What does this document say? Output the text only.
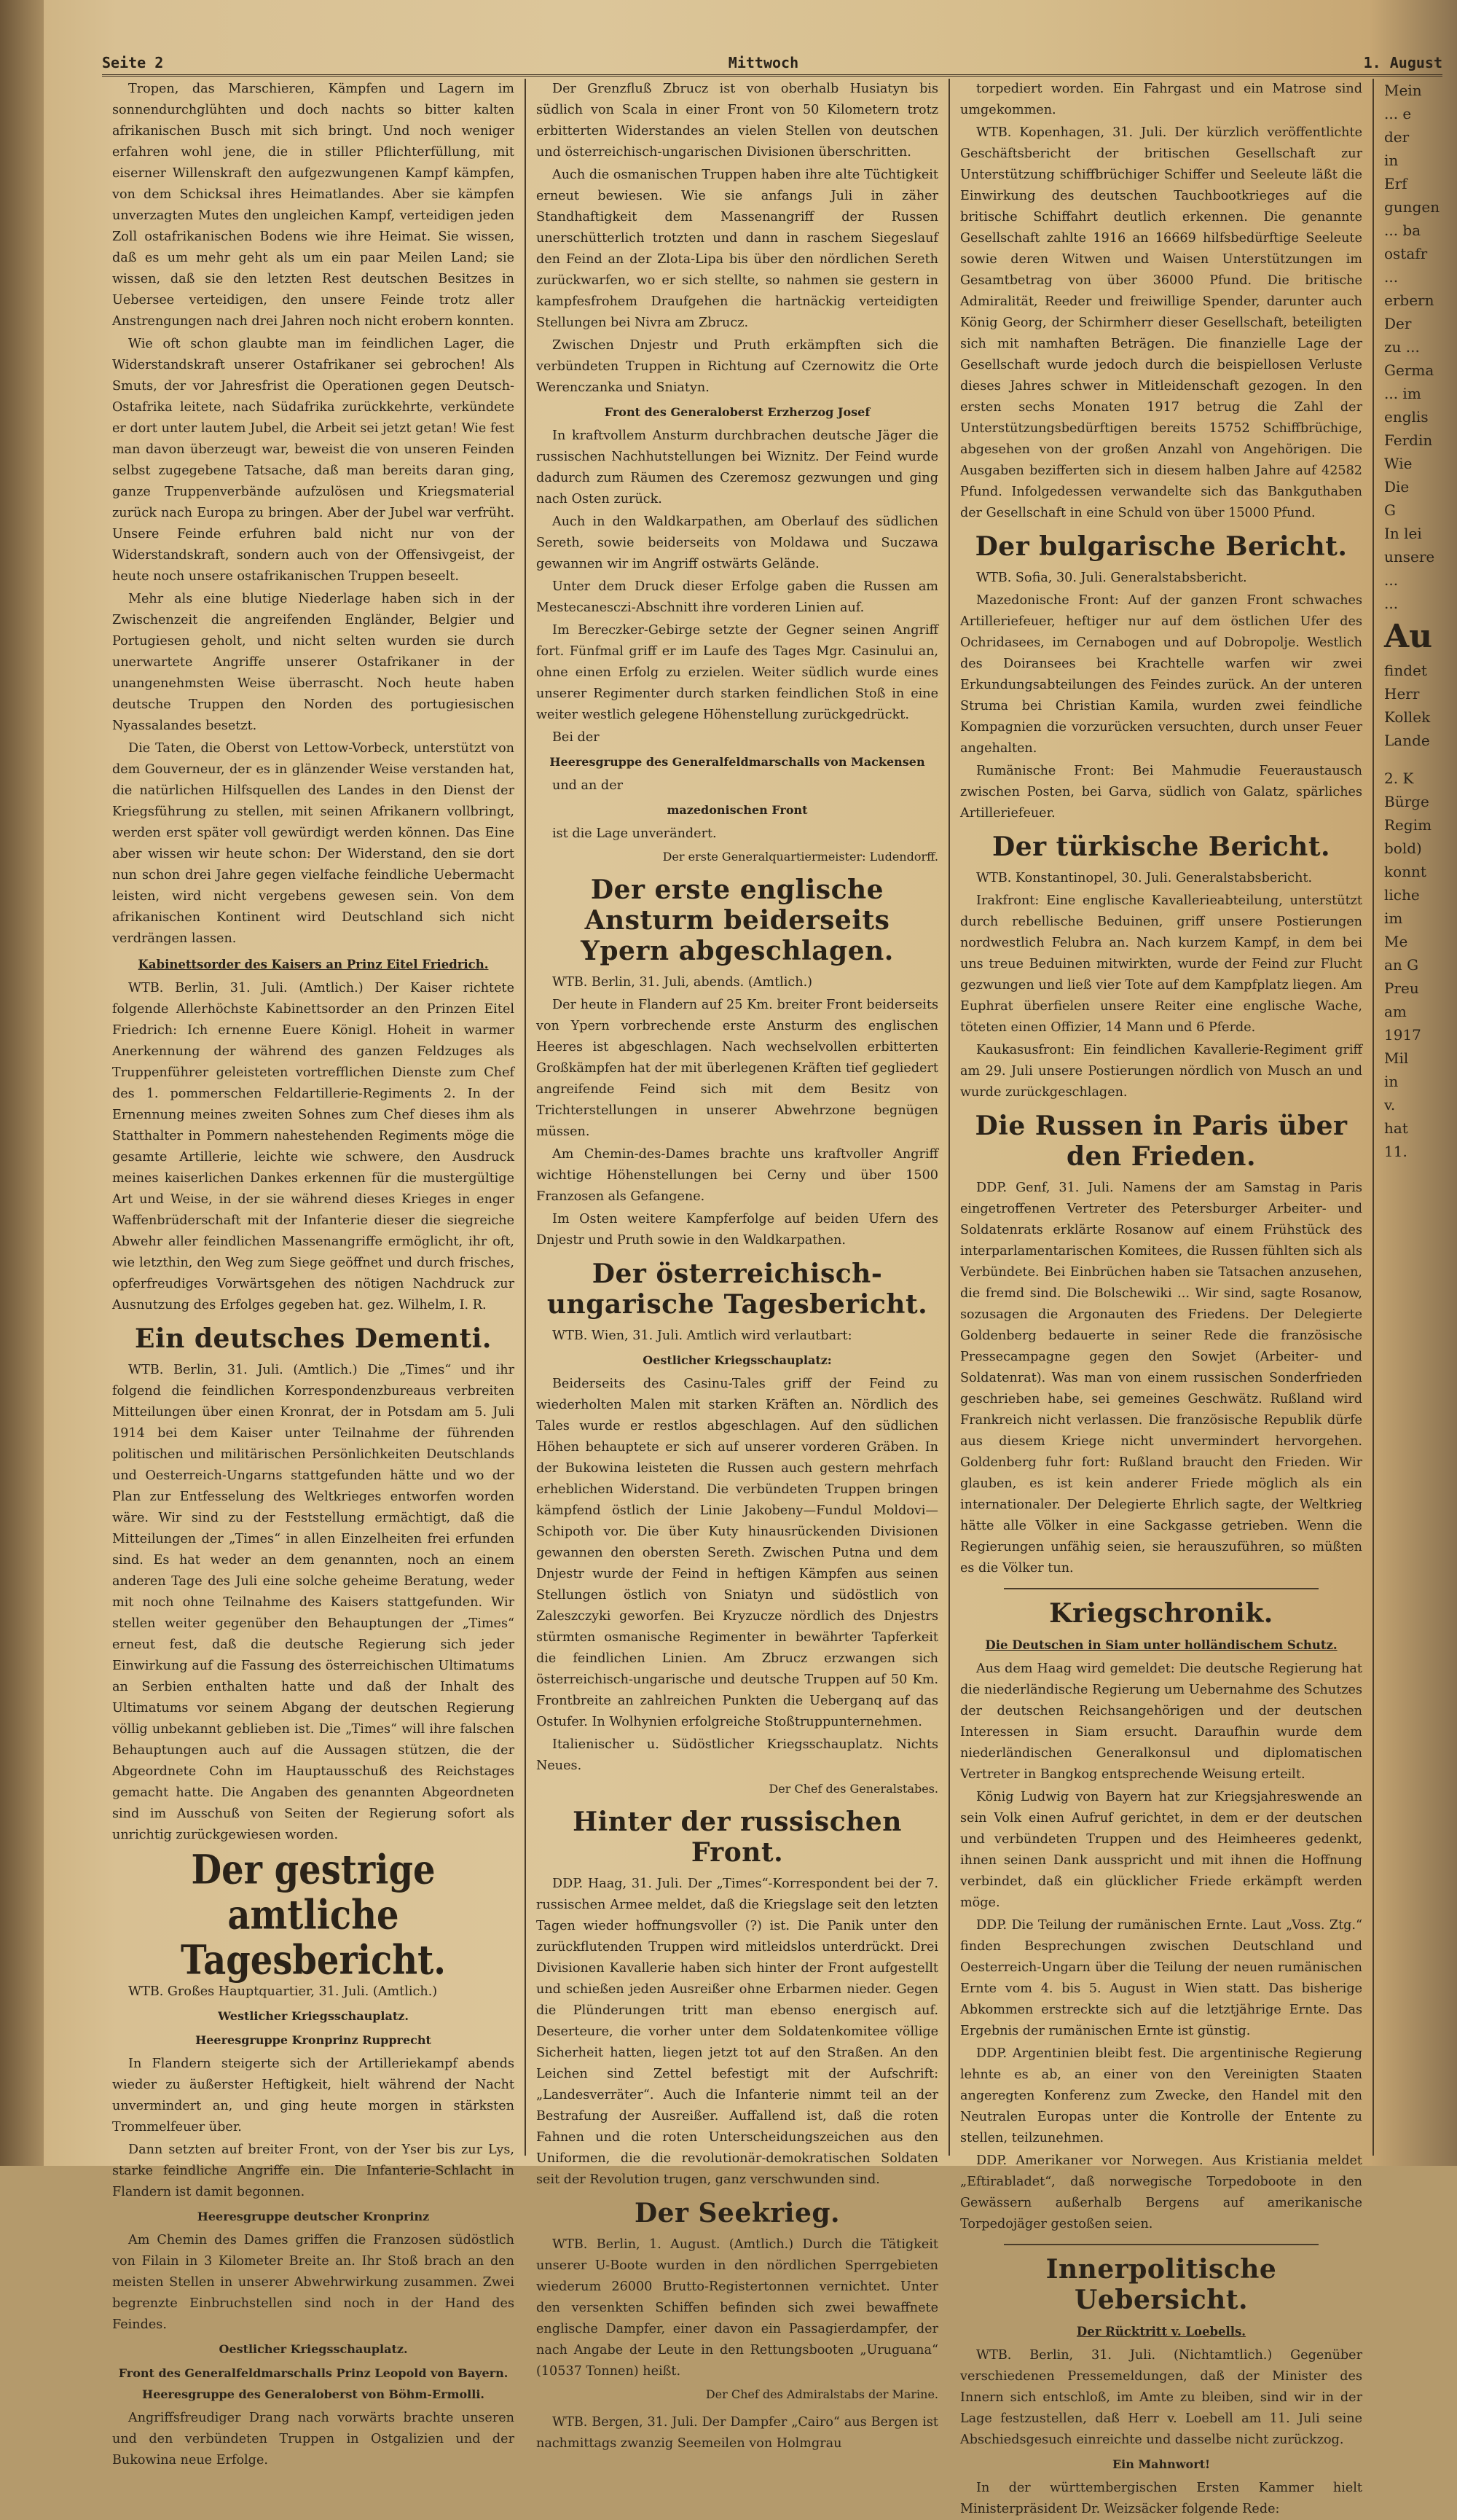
Seite 2	Mittwoch	1. August

Tropen, das Marschieren, Kämpfen und Lagern im sonnendurchglühten und doch nachts so bitter kalten afrikanischen Busch mit sich bringt. Und noch weniger erfahren wohl jene, die in stiller Pflichterfüllung, mit eiserner Willenskraft den aufgezwungenen Kampf kämpfen, von dem Schicksal ihres Heimatlandes. Aber sie kämpfen unverzagten Mutes den ungleichen Kampf, verteidigen jeden Zoll ostafrikanischen Bodens wie ihre Heimat. Sie wissen, daß es um mehr geht als um ein paar Meilen Land; sie wissen, daß sie den letzten Rest deutschen Besitzes in Uebersee verteidigen, den unsere Feinde trotz aller Anstrengungen nach drei Jahren noch nicht erobern konnten.

Wie oft schon glaubte man im feindlichen Lager, die Widerstandskraft unserer Ostafrikaner sei gebrochen! Als Smuts, der vor Jahresfrist die Operationen gegen Deutsch-Ostafrika leitete, nach Südafrika zurückkehrte, verkündete er dort unter lautem Jubel, die Arbeit sei jetzt getan! Wie fest man davon überzeugt war, beweist die von unseren Feinden selbst zugegebene Tatsache, daß man bereits daran ging, ganze Truppenverbände aufzulösen und Kriegsmaterial zurück nach Europa zu bringen. Aber der Jubel war verfrüht. Unsere Feinde erfuhren bald nicht nur von der Widerstandskraft, sondern auch von der Offensivgeist, der heute noch unsere ostafrikanischen Truppen beseelt.

Mehr als eine blutige Niederlage haben sich in der Zwischenzeit die angreifenden Engländer, Belgier und Portugiesen geholt, und nicht selten wurden sie durch unerwartete Angriffe unserer Ostafrikaner in der unangenehmsten Weise überrascht. Noch heute haben deutsche Truppen den Norden des portugiesischen Nyassalandes besetzt.

Die Taten, die Oberst von Lettow-Vorbeck, unterstützt von dem Gouverneur, der es in glänzender Weise verstanden hat, die natürlichen Hilfsquellen des Landes in den Dienst der Kriegsführung zu stellen, mit seinen Afrikanern vollbringt, werden erst später voll gewürdigt werden können. Das Eine aber wissen wir heute schon: Der Widerstand, den sie dort nun schon drei Jahre gegen vielfache feindliche Uebermacht leisten, wird nicht vergebens gewesen sein. Von dem afrikanischen Kontinent wird Deutschland sich nicht verdrängen lassen.

Kabinettsorder des Kaisers an Prinz Eitel Friedrich.

WTB. Berlin, 31. Juli. (Amtlich.) Der Kaiser richtete folgende Allerhöchste Kabinettsorder an den Prinzen Eitel Friedrich: Ich ernenne Euere Königl. Hoheit in warmer Anerkennung der während des ganzen Feldzuges als Truppenführer geleisteten vortrefflichen Dienste zum Chef des 1. pommerschen Feldartillerie-Regiments 2. In der Ernennung meines zweiten Sohnes zum Chef dieses ihm als Statthalter in Pommern nahestehenden Regiments möge die gesamte Artillerie, leichte wie schwere, den Ausdruck meines kaiserlichen Dankes erkennen für die mustergültige Art und Weise, in der sie während dieses Krieges in enger Waffenbrüderschaft mit der Infanterie dieser die siegreiche Abwehr aller feindlichen Massenangriffe ermöglicht, ihr oft, wie letzthin, den Weg zum Siege geöffnet und durch frisches, opferfreudiges Vorwärtsgehen des nötigen Nachdruck zur Ausnutzung des Erfolges gegeben hat. gez. Wilhelm, I. R.

Ein deutsches Dementi.

WTB. Berlin, 31. Juli. (Amtlich.) Die „Times“ und ihr folgend die feindlichen Korrespondenzbureaus verbreiten Mitteilungen über einen Kronrat, der in Potsdam am 5. Juli 1914 bei dem Kaiser unter Teilnahme der führenden politischen und militärischen Persönlichkeiten Deutschlands und Oesterreich-Ungarns stattgefunden hätte und wo der Plan zur Entfesselung des Weltkrieges entworfen worden wäre. Wir sind zu der Feststellung ermächtigt, daß die Mitteilungen der „Times“ in allen Einzelheiten frei erfunden sind. Es hat weder an dem genannten, noch an einem anderen Tage des Juli eine solche geheime Beratung, weder mit noch ohne Teilnahme des Kaisers stattgefunden. Wir stellen weiter gegenüber den Behauptungen der „Times“ erneut fest, daß die deutsche Regierung sich jeder Einwirkung auf die Fassung des österreichischen Ultimatums an Serbien enthalten hatte und daß der Inhalt des Ultimatums vor seinem Abgang der deutschen Regierung völlig unbekannt geblieben ist. Die „Times“ will ihre falschen Behauptungen auch auf die Aussagen stützen, die der Abgeordnete Cohn im Hauptausschuß des Reichstages gemacht hatte. Die Angaben des genannten Abgeordneten sind im Ausschuß von Seiten der Regierung sofort als unrichtig zurückgewiesen worden.

Der gestrige amtliche Tagesbericht.

WTB. Großes Hauptquartier, 31. Juli. (Amtlich.)

Westlicher Kriegsschauplatz.
Heeresgruppe Kronprinz Rupprecht

In Flandern steigerte sich der Artilleriekampf abends wieder zu äußerster Heftigkeit, hielt während der Nacht unvermindert an, und ging heute morgen in stärksten Trommelfeuer über.

Dann setzten auf breiter Front, von der Yser bis zur Lys, starke feindliche Angriffe ein. Die Infanterie-Schlacht in Flandern ist damit begonnen.

Heeresgruppe deutscher Kronprinz

Am Chemin des Dames griffen die Franzosen südöstlich von Filain in 3 Kilometer Breite an. Ihr Stoß brach an den meisten Stellen in unserer Abwehrwirkung zusammen. Zwei begrenzte Einbruchstellen sind noch in der Hand des Feindes.

Oestlicher Kriegsschauplatz.
Front des Generalfeldmarschalls Prinz Leopold von Bayern. Heeresgruppe des Generaloberst von Böhm-Ermolli.

Angriffsfreudiger Drang nach vorwärts brachte unseren und den verbündeten Truppen in Ostgalizien und der Bukowina neue Erfolge.

Der Grenzfluß Zbrucz ist von oberhalb Husiatyn bis südlich von Scala in einer Front von 50 Kilometern trotz erbitterten Widerstandes an vielen Stellen von deutschen und österreichisch-ungarischen Divisionen überschritten.

Auch die osmanischen Truppen haben ihre alte Tüchtigkeit erneut bewiesen. Wie sie anfangs Juli in zäher Standhaftigkeit dem Massenangriff der Russen unerschütterlich trotzten und dann in raschem Siegeslauf den Feind an der Zlota-Lipa bis über den nördlichen Sereth zurückwarfen, wo er sich stellte, so nahmen sie gestern in kampfesfrohem Draufgehen die hartnäckig verteidigten Stellungen bei Nivra am Zbrucz.

Zwischen Dnjestr und Pruth erkämpften sich die verbündeten Truppen in Richtung auf Czernowitz die Orte Werenczanka und Sniatyn.

Front des Generaloberst Erzherzog Josef

In kraftvollem Ansturm durchbrachen deutsche Jäger die russischen Nachhutstellungen bei Wiznitz. Der Feind wurde dadurch zum Räumen des Czeremosz gezwungen und ging nach Osten zurück.

Auch in den Waldkarpathen, am Oberlauf des südlichen Sereth, sowie beiderseits von Moldawa und Suczawa gewannen wir im Angriff ostwärts Gelände.

Unter dem Druck dieser Erfolge gaben die Russen am Mestecanesczi-Abschnitt ihre vorderen Linien auf.

Im Bereczker-Gebirge setzte der Gegner seinen Angriff fort. Fünfmal griff er im Laufe des Tages Mgr. Casinului an, ohne einen Erfolg zu erzielen. Weiter südlich wurde eines unserer Regimenter durch starken feindlichen Stoß in eine weiter westlich gelegene Höhenstellung zurückgedrückt.

Bei der

Heeresgruppe des Generalfeldmarschalls von Mackensen

und an der

mazedonischen Front

ist die Lage unverändert.

Der erste Generalquartiermeister: Ludendorff.
Der erste englische Ansturm beiderseits Ypern abgeschlagen.

WTB. Berlin, 31. Juli, abends. (Amtlich.)

Der heute in Flandern auf 25 Km. breiter Front beiderseits von Ypern vorbrechende erste Ansturm des englischen Heeres ist abgeschlagen. Nach wechselvollen erbitterten Großkämpfen hat der mit überlegenen Kräften tief gegliedert angreifende Feind sich mit dem Besitz von Trichterstellungen in unserer Abwehrzone begnügen müssen.

Am Chemin-des-Dames brachte uns kraftvoller Angriff wichtige Höhenstellungen bei Cerny und über 1500 Franzosen als Gefangene.

Im Osten weitere Kampferfolge auf beiden Ufern des Dnjestr und Pruth sowie in den Waldkarpathen.

Der österreichisch-ungarische Tagesbericht.

WTB. Wien, 31. Juli. Amtlich wird verlautbart:

Oestlicher Kriegsschauplatz:

Beiderseits des Casinu-Tales griff der Feind zu wiederholten Malen mit starken Kräften an. Nördlich des Tales wurde er restlos abgeschlagen. Auf den südlichen Höhen behauptete er sich auf unserer vorderen Gräben. In der Bukowina leisteten die Russen auch gestern mehrfach erheblichen Widerstand. Die verbündeten Truppen bringen kämpfend östlich der Linie Jakobeny—Fundul Moldovi—Schipoth vor. Die über Kuty hinausrückenden Divisionen gewannen den obersten Sereth. Zwischen Putna und dem Dnjestr wurde der Feind in heftigen Kämpfen aus seinen Stellungen östlich von Sniatyn und südöstlich von Zaleszczyki geworfen. Bei Kryzucze nördlich des Dnjestrs stürmten osmanische Regimenter in bewährter Tapferkeit die feindlichen Linien. Am Zbrucz erzwangen sich österreichisch-ungarische und deutsche Truppen auf 50 Km. Frontbreite an zahlreichen Punkten die Ueberganq auf das Ostufer. In Wolhynien erfolgreiche Stoßtruppunternehmen.

Italienischer u. Südöstlicher Kriegsschauplatz. Nichts Neues.

Der Chef des Generalstabes.
Hinter der russischen Front.

DDP. Haag, 31. Juli. Der „Times“-Korrespondent bei der 7. russischen Armee meldet, daß die Kriegslage seit den letzten Tagen wieder hoffnungsvoller (?) ist. Die Panik unter den zurückflutenden Truppen wird mitleidslos unterdrückt. Drei Divisionen Kavallerie haben sich hinter der Front aufgestellt und schießen jeden Ausreißer ohne Erbarmen nieder. Gegen die Plünderungen tritt man ebenso energisch auf. Deserteure, die vorher unter dem Soldatenkomitee völlige Sicherheit hatten, liegen jetzt tot auf den Straßen. An den Leichen sind Zettel befestigt mit der Aufschrift: „Landesverräter“. Auch die Infanterie nimmt teil an der Bestrafung der Ausreißer. Auffallend ist, daß die roten Fahnen und die roten Unterscheidungszeichen aus den Uniformen, die die revolutionär-demokratischen Soldaten seit der Revolution trugen, ganz verschwunden sind.

Der Seekrieg.

WTB. Berlin, 1. August. (Amtlich.) Durch die Tätigkeit unserer U-Boote wurden in den nördlichen Sperrgebieten wiederum 26000 Brutto-Registertonnen vernichtet. Unter den versenkten Schiffen befinden sich zwei bewaffnete englische Dampfer, einer davon ein Passagierdampfer, der nach Angabe der Leute in den Rettungsbooten „Uruguana“ (10537 Tonnen) heißt.

Der Chef des Admiralstabs der Marine.

WTB. Bergen, 31. Juli. Der Dampfer „Cairo“ aus Bergen ist nachmittags zwanzig Seemeilen von Holmgrau

torpediert worden. Ein Fahrgast und ein Matrose sind umgekommen.

WTB. Kopenhagen, 31. Juli. Der kürzlich veröffentlichte Geschäftsbericht der britischen Gesellschaft zur Unterstützung schiffbrüchiger Schiffer und Seeleute läßt die Einwirkung des deutschen Tauchbootkrieges auf die britische Schiffahrt deutlich erkennen. Die genannte Gesellschaft zahlte 1916 an 16669 hilfsbedürftige Seeleute sowie deren Witwen und Waisen Unterstützungen im Gesamtbetrag von über 36000 Pfund. Die britische Admiralität, Reeder und freiwillige Spender, darunter auch König Georg, der Schirmherr dieser Gesellschaft, beteiligten sich mit namhaften Beträgen. Die finanzielle Lage der Gesellschaft wurde jedoch durch die beispiellosen Verluste dieses Jahres schwer in Mitleidenschaft gezogen. In den ersten sechs Monaten 1917 betrug die Zahl der Unterstützungsbedürftigen bereits 15752 Schiffbrüchige, abgesehen von der großen Anzahl von Angehörigen. Die Ausgaben bezifferten sich in diesem halben Jahre auf 42582 Pfund. Infolgedessen verwandelte sich das Bankguthaben der Gesellschaft in eine Schuld von über 15000 Pfund.

Der bulgarische Bericht.

WTB. Sofia, 30. Juli. Generalstabsbericht.

Mazedonische Front: Auf der ganzen Front schwaches Artilleriefeuer, heftiger nur auf dem östlichen Ufer des Ochridasees, im Cernabogen und auf Dobropolje. Westlich des Doiransees bei Krachtelle warfen wir zwei Erkundungsabteilungen des Feindes zurück. An der unteren Struma bei Christian Kamila, wurden zwei feindliche Kompagnien die vorzurücken versuchten, durch unser Feuer angehalten.

Rumänische Front: Bei Mahmudie Feueraustausch zwischen Posten, bei Garva, südlich von Galatz, spärliches Artilleriefeuer.

Der türkische Bericht.

WTB. Konstantinopel, 30. Juli. Generalstabsbericht.

Irakfront: Eine englische Kavallerieabteilung, unterstützt durch rebellische Beduinen, griff unsere Postierungen nordwestlich Felubra an. Nach kurzem Kampf, in dem bei uns treue Beduinen mitwirkten, wurde der Feind zur Flucht gezwungen und ließ vier Tote auf dem Kampfplatz liegen. Am Euphrat überfielen unsere Reiter eine englische Wache, töteten einen Offizier, 14 Mann und 6 Pferde.

Kaukasusfront: Ein feindlichen Kavallerie-Regiment griff am 29. Juli unsere Postierungen nördlich von Musch an und wurde zurückgeschlagen.

Die Russen in Paris über den Frieden.

DDP. Genf, 31. Juli. Namens der am Samstag in Paris eingetroffenen Vertreter des Petersburger Arbeiter- und Soldatenrats erklärte Rosanow auf einem Frühstück des interparlamentarischen Komitees, die Russen fühlten sich als Verbündete. Bei Einbrüchen haben sie Tatsachen anzusehen, die fremd sind. Die Bolschewiki ... Wir sind, sagte Rosanow, sozusagen die Argonauten des Friedens. Der Delegierte Goldenberg bedauerte in seiner Rede die französische Pressecampagne gegen den Sowjet (Arbeiter- und Soldatenrat). Was man von einem russischen Sonderfrieden geschrieben habe, sei gemeines Geschwätz. Rußland wird Frankreich nicht verlassen. Die französische Republik dürfe aus diesem Kriege nicht unvermindert hervorgehen. Goldenberg fuhr fort: Rußland braucht den Frieden. Wir glauben, es ist kein anderer Friede möglich als ein internationaler. Der Delegierte Ehrlich sagte, der Weltkrieg hätte alle Völker in eine Sackgasse getrieben. Wenn die Regierungen unfähig seien, sie herauszuführen, so müßten es die Völker tun.

Kriegschronik.
Die Deutschen in Siam unter holländischem Schutz.

Aus dem Haag wird gemeldet: Die deutsche Regierung hat die niederländische Regierung um Uebernahme des Schutzes der deutschen Reichsangehörigen und der deutschen Interessen in Siam ersucht. Daraufhin wurde dem niederländischen Generalkonsul und diplomatischen Vertreter in Bangkog entsprechende Weisung erteilt.

König Ludwig von Bayern hat zur Kriegsjahreswende an sein Volk einen Aufruf gerichtet, in dem er der deutschen und verbündeten Truppen und des Heimheeres gedenkt, ihnen seinen Dank ausspricht und mit ihnen die Hoffnung verbindet, daß ein glücklicher Friede erkämpft werden möge.

DDP. Die Teilung der rumänischen Ernte. Laut „Voss. Ztg.“ finden Besprechungen zwischen Deutschland und Oesterreich-Ungarn über die Teilung der neuen rumänischen Ernte vom 4. bis 5. August in Wien statt. Das bisherige Abkommen erstreckte sich auf die letztjährige Ernte. Das Ergebnis der rumänischen Ernte ist günstig.

DDP. Argentinien bleibt fest. Die argentinische Regierung lehnte es ab, an einer von den Vereinigten Staaten angeregten Konferenz zum Zwecke, den Handel mit den Neutralen Europas unter die Kontrolle der Entente zu stellen, teilzunehmen.

DDP. Amerikaner vor Norwegen. Aus Kristiania meldet „Eftirabladet“, daß norwegische Torpedoboote in den Gewässern außerhalb Bergens auf amerikanische Torpedojäger gestoßen seien.

Innerpolitische Uebersicht.
Der Rücktritt v. Loebells.

WTB. Berlin, 31. Juli. (Nichtamtlich.) Gegenüber verschiedenen Pressemeldungen, daß der Minister des Innern sich entschloß, im Amte zu bleiben, sind wir in der Lage festzustellen, daß Herr v. Loebell am 11. Juli seine Abschiedsgesuch einreichte und dasselbe nicht zurückzog.

Ein Mahnwort!

In der württembergischen Ersten Kammer hielt Ministerpräsident Dr. Weizsäcker folgende Rede:

Mein
... e
der
in Erf
gungen
... ba
ostafr
...
erbern
Der
zu ...
Germa
... im
englis
Ferdin
Wie
Die G
In lei
unsere
...
...
Au
findet
Herr
Kollek
Lande
2. K
Bürge
Regim
bold)
konnt
liche
im
Me
an G
Preu
am
1917
Mil
in
v.
hat
11.
